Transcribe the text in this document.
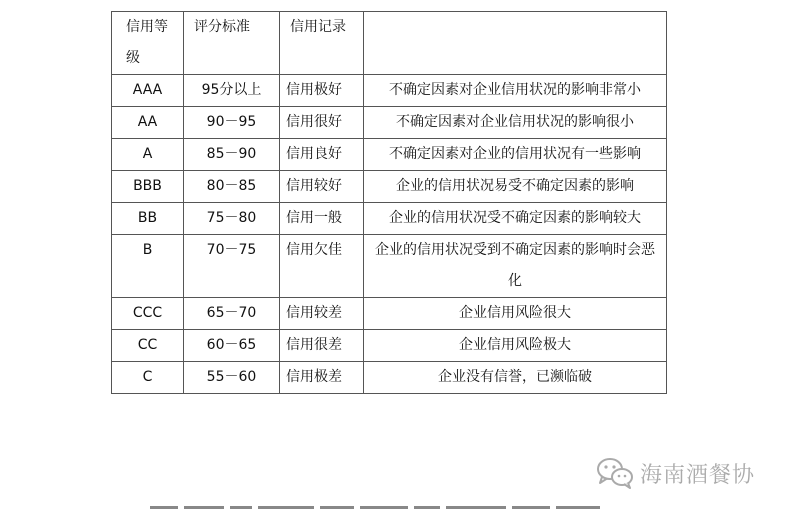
信用等级	评分标准	信用记录	
AAA	95分以上	信用极好	不确定因素对企业信用状况的影响非常小
AA	90－95	信用很好	不确定因素对企业信用状况的影响很小
A	85－90	信用良好	不确定因素对企业的信用状况有一些影响
BBB	80－85	信用较好	企业的信用状况易受不确定因素的影响
BB	75－80	信用一般	企业的信用状况受不确定因素的影响较大
B	70－75	信用欠佳	企业的信用状况受到不确定因素的影响时会恶化
CCC	65－70	信用较差	企业信用风险很大
CC	60－65	信用很差	企业信用风险极大
C	55－60	信用极差	企业没有信誉，已濒临破
海南酒餐协
